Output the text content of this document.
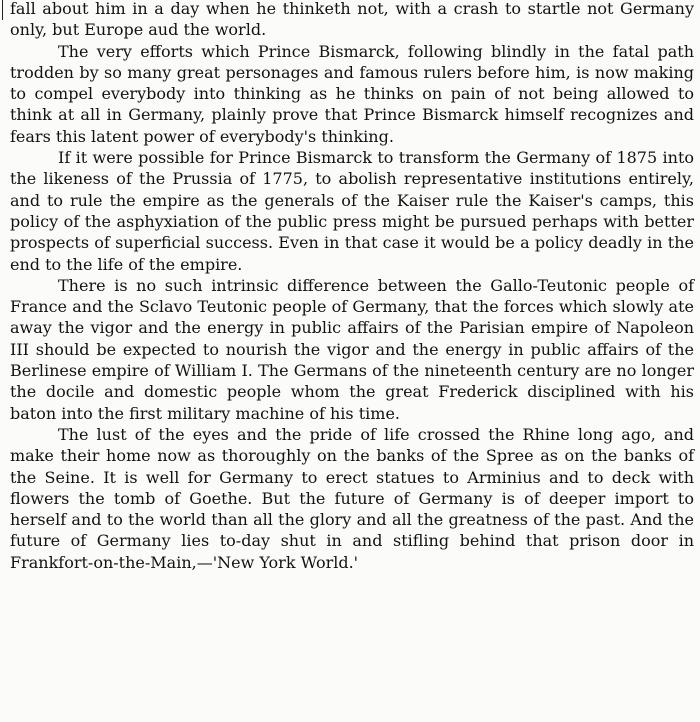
fall about him in a day when he thinketh not, with a crash to startle not Germany only, but Europe aud the world.

The very efforts which Prince Bismarck, following blindly in the fatal path trodden by so many great personages and famous rulers before him, is now making to compel everybody into thinking as he thinks on pain of not being allowed to think at all in Germany, plainly prove that Prince Bismarck himself recognizes and fears this latent power of everybody's thinking.

If it were possible for Prince Bismarck to transform the Germany of 1875 into the likeness of the Prussia of 1775, to abolish representative institutions entirely, and to rule the empire as the generals of the Kaiser rule the Kaiser's camps, this policy of the asphyxiation of the public press might be pursued perhaps with better prospects of superficial success. Even in that case it would be a policy deadly in the end to the life of the empire.

There is no such intrinsic difference between the Gallo-Teutonic people of France and the Sclavo Teutonic people of Germany, that the forces which slowly ate away the vigor and the energy in public affairs of the Parisian empire of Napoleon III should be expected to nourish the vigor and the energy in public affairs of the Berlinese empire of William I. The Germans of the nineteenth century are no longer the docile and domestic people whom the great Frederick disciplined with his baton into the first military machine of his time.

The lust of the eyes and the pride of life crossed the Rhine long ago, and make their home now as thoroughly on the banks of the Spree as on the banks of the Seine. It is well for Germany to erect statues to Arminius and to deck with flowers the tomb of Goethe. But the future of Germany is of deeper import to herself and to the world than all the glory and all the greatness of the past. And the future of Germany lies to-day shut in and stifling behind that prison door in Frankfort-on-the-Main,—'New York World.'
